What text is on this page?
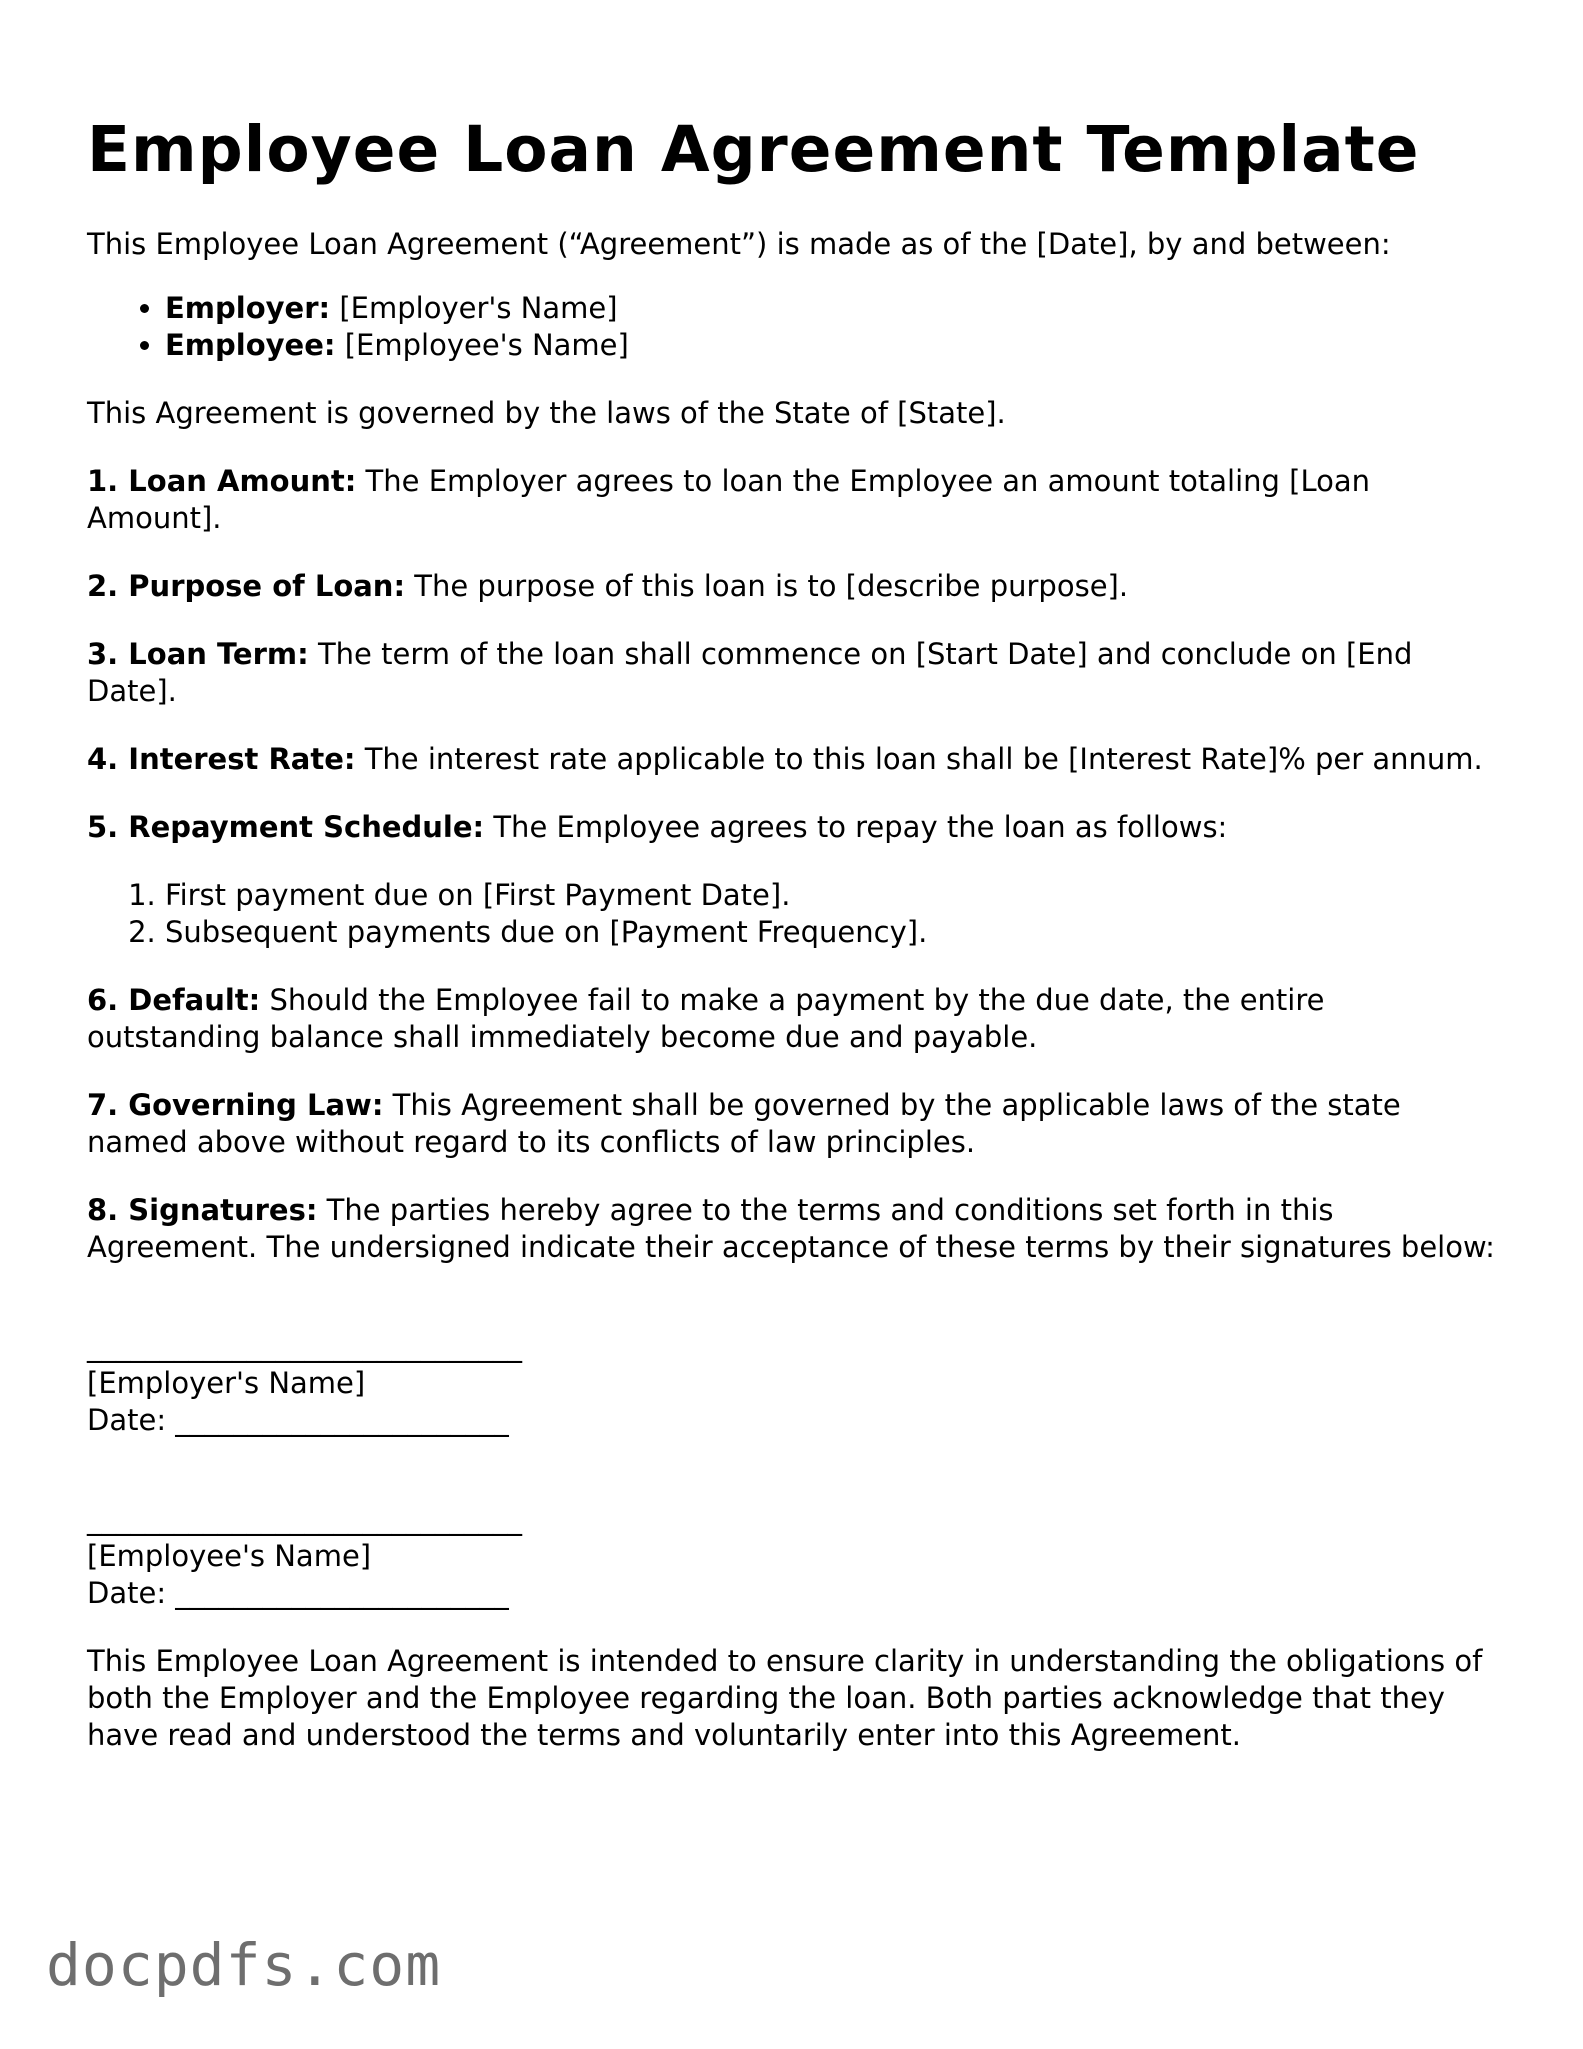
Employee Loan Agreement Template

This Employee Loan Agreement (“Agreement”) is made as of the [Date], by and between:

• Employer: [Employer's Name]
• Employee: [Employee's Name]

This Agreement is governed by the laws of the State of [State].

1. Loan Amount: The Employer agrees to loan the Employee an amount totaling [Loan Amount].

2. Purpose of Loan: The purpose of this loan is to [describe purpose].

3. Loan Term: The term of the loan shall commence on [Start Date] and conclude on [End Date].

4. Interest Rate: The interest rate applicable to this loan shall be [Interest Rate]% per annum.

5. Repayment Schedule: The Employee agrees to repay the loan as follows:

1. First payment due on [First Payment Date].
2. Subsequent payments due on [Payment Frequency].

6. Default: Should the Employee fail to make a payment by the due date, the entire outstanding balance shall immediately become due and payable.

7. Governing Law: This Agreement shall be governed by the applicable laws of the state named above without regard to its conflicts of law principles.

8. Signatures: The parties hereby agree to the terms and conditions set forth in this Agreement. The undersigned indicate their acceptance of these terms by their signatures below:

______________________________

[Employer's Name]

Date: _______________________

______________________________

[Employee's Name]

Date: _______________________

This Employee Loan Agreement is intended to ensure clarity in understanding the obligations of both the Employer and the Employee regarding the loan. Both parties acknowledge that they have read and understood the terms and voluntarily enter into this Agreement.

docpdfs.com
